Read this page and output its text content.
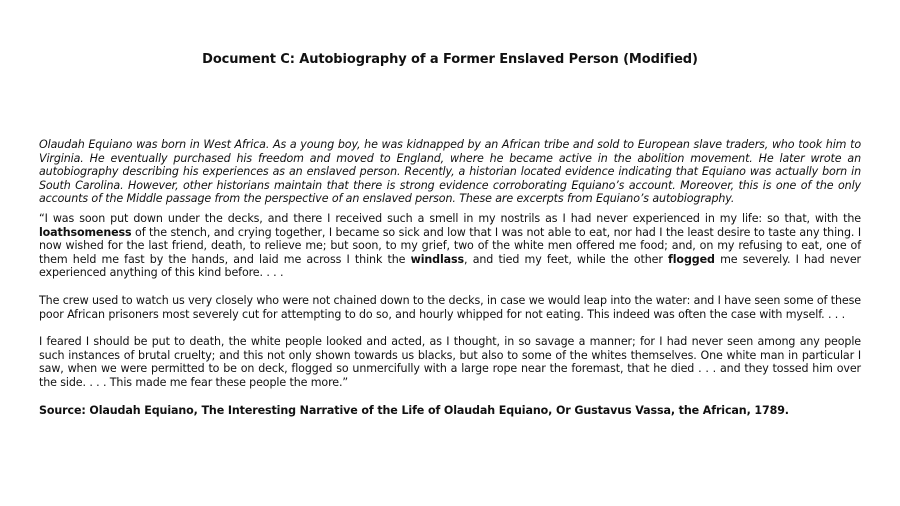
Document C: Autobiography of a Former Enslaved Person (Modified)

Olaudah Equiano was born in West Africa. As a young boy, he was kidnapped by an African tribe and sold to European slave traders, who took him to Virginia. He eventually purchased his freedom and moved to England, where he became active in the abolition movement. He later wrote an autobiography describing his experiences as an enslaved person. Recently, a historian located evidence indicating that Equiano was actually born in South Carolina. However, other historians maintain that there is strong evidence corroborating Equiano’s account. Moreover, this is one of the only accounts of the Middle passage from the perspective of an enslaved person. These are excerpts from Equiano’s autobiography.

“I was soon put down under the decks, and there I received such a smell in my nostrils as I had never experienced in my life: so that, with the loathsomeness of the stench, and crying together, I became so sick and low that I was not able to eat, nor had I the least desire to taste any thing. I now wished for the last friend, death, to relieve me; but soon, to my grief, two of the white men offered me food; and, on my refusing to eat, one of them held me fast by the hands, and laid me across I think the windlass, and tied my feet, while the other flogged me severely. I had never experienced anything of this kind before. . . .

The crew used to watch us very closely who were not chained down to the decks, in case we would leap into the water: and I have seen some of these poor African prisoners most severely cut for attempting to do so, and hourly whipped for not eating. This indeed was often the case with myself. . . .

I feared I should be put to death, the white people looked and acted, as I thought, in so savage a manner; for I had never seen among any people such instances of brutal cruelty; and this not only shown towards us blacks, but also to some of the whites themselves. One white man in particular I saw, when we were permitted to be on deck, flogged so unmercifully with a large rope near the foremast, that he died . . . and they tossed him over the side. . . . This made me fear these people the more.”

Source: Olaudah Equiano, The Interesting Narrative of the Life of Olaudah Equiano, Or Gustavus Vassa, the African, 1789.
